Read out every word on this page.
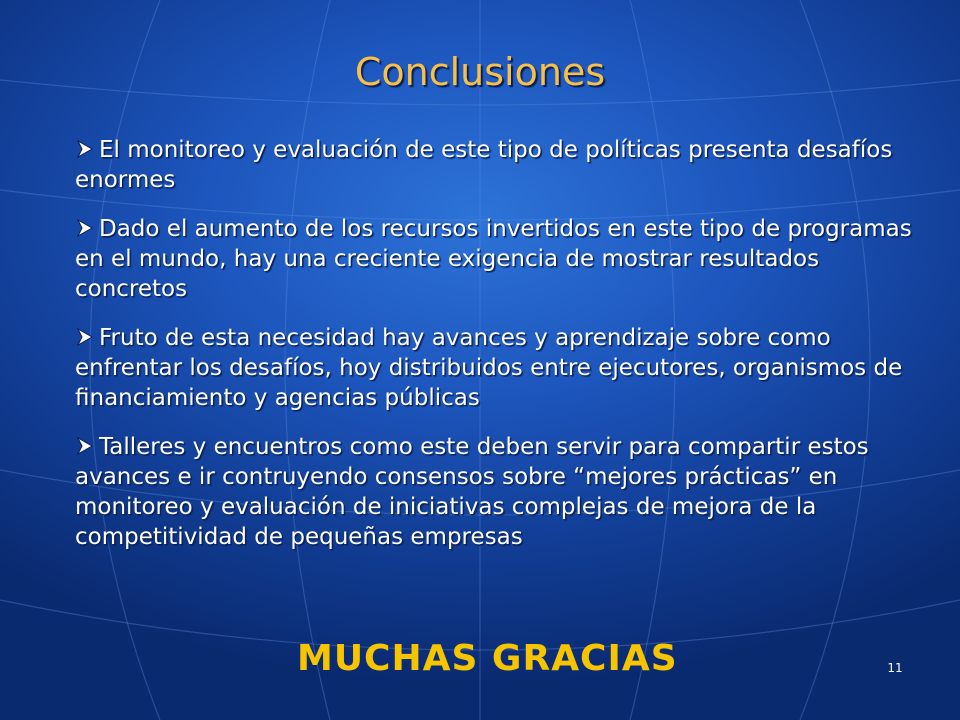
Conclusiones
El monitoreo y evaluación de este tipo de políticas presenta desafíos enormes
Dado el aumento de los recursos invertidos en este tipo de programas en el mundo, hay una creciente exigencia de mostrar resultados concretos
Fruto de esta necesidad hay avances y aprendizaje sobre como enfrentar los desafíos, hoy distribuidos entre ejecutores, organismos de financiamiento y agencias públicas
Talleres y encuentros como este deben servir para compartir estos avances e ir contruyendo consensos sobre “mejores prácticas” en monitoreo y evaluación de iniciativas complejas de mejora de la competitividad de pequeñas empresas
MUCHAS GRACIAS	11
